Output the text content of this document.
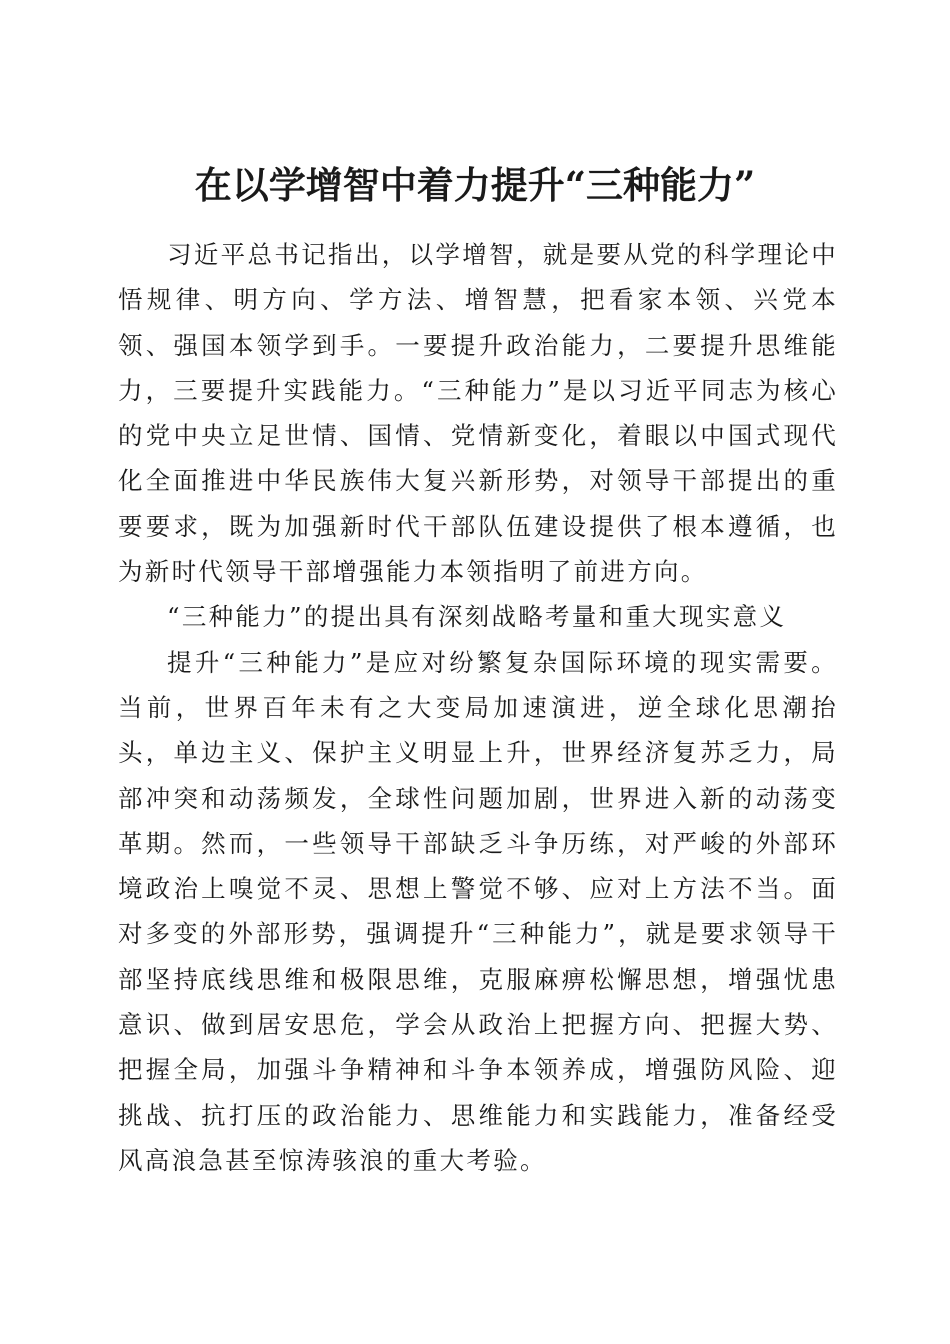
在以学增智中着力提升“三种能力”

习近平总书记指出，以学增智，就是要从党的科学理论中悟规律、明方向、学方法、增智慧，把看家本领、兴党本领、强国本领学到手。一要提升政治能力，二要提升思维能力，三要提升实践能力。“三种能力”是以习近平同志为核心的党中央立足世情、国情、党情新变化，着眼以中国式现代化全面推进中华民族伟大复兴新形势，对领导干部提出的重要要求，既为加强新时代干部队伍建设提供了根本遵循，也为新时代领导干部增强能力本领指明了前进方向。

“三种能力”的提出具有深刻战略考量和重大现实意义

提升“三种能力”是应对纷繁复杂国际环境的现实需要。当前，世界百年未有之大变局加速演进，逆全球化思潮抬头，单边主义、保护主义明显上升，世界经济复苏乏力，局部冲突和动荡频发，全球性问题加剧，世界进入新的动荡变革期。然而，一些领导干部缺乏斗争历练，对严峻的外部环境政治上嗅觉不灵、思想上警觉不够、应对上方法不当。面对多变的外部形势，强调提升“三种能力”，就是要求领导干部坚持底线思维和极限思维，克服麻痹松懈思想，增强忧患意识、做到居安思危，学会从政治上把握方向、把握大势、把握全局，加强斗争精神和斗争本领养成，增强防风险、迎挑战、抗打压的政治能力、思维能力和实践能力，准备经受风高浪急甚至惊涛骇浪的重大考验。
